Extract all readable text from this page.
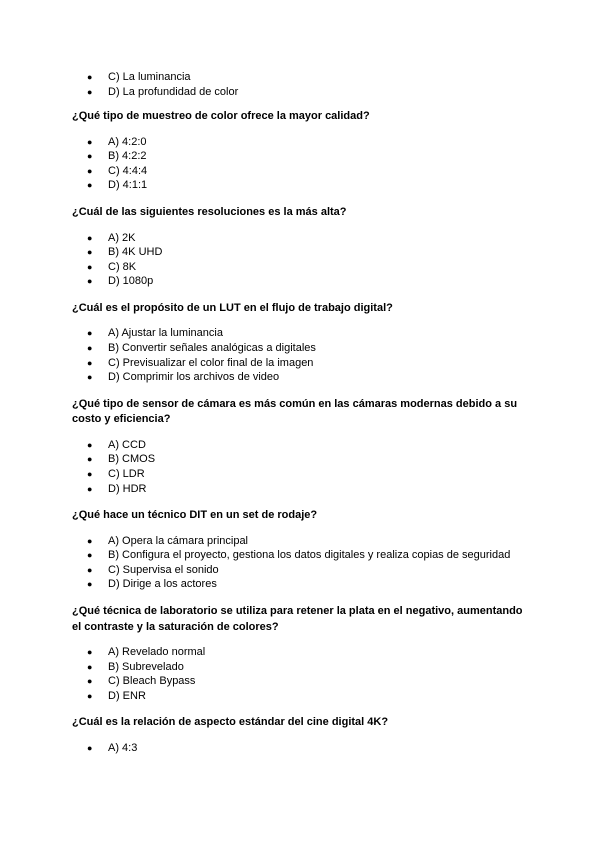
● C) La luminancia
● D) La profundidad de color

¿Qué tipo de muestreo de color ofrece la mayor calidad?

● A) 4:2:0
● B) 4:2:2
● C) 4:4:4
● D) 4:1:1

¿Cuál de las siguientes resoluciones es la más alta?

● A) 2K
● B) 4K UHD
● C) 8K
● D) 1080p

¿Cuál es el propósito de un LUT en el flujo de trabajo digital?

● A) Ajustar la luminancia
● B) Convertir señales analógicas a digitales
● C) Previsualizar el color final de la imagen
● D) Comprimir los archivos de video

¿Qué tipo de sensor de cámara es más común en las cámaras modernas debido a su costo y eficiencia?

● A) CCD
● B) CMOS
● C) LDR
● D) HDR

¿Qué hace un técnico DIT en un set de rodaje?

● A) Opera la cámara principal
● B) Configura el proyecto, gestiona los datos digitales y realiza copias de seguridad
● C) Supervisa el sonido
● D) Dirige a los actores

¿Qué técnica de laboratorio se utiliza para retener la plata en el negativo, aumentando el contraste y la saturación de colores?

● A) Revelado normal
● B) Subrevelado
● C) Bleach Bypass
● D) ENR

¿Cuál es la relación de aspecto estándar del cine digital 4K?

● A) 4:3
